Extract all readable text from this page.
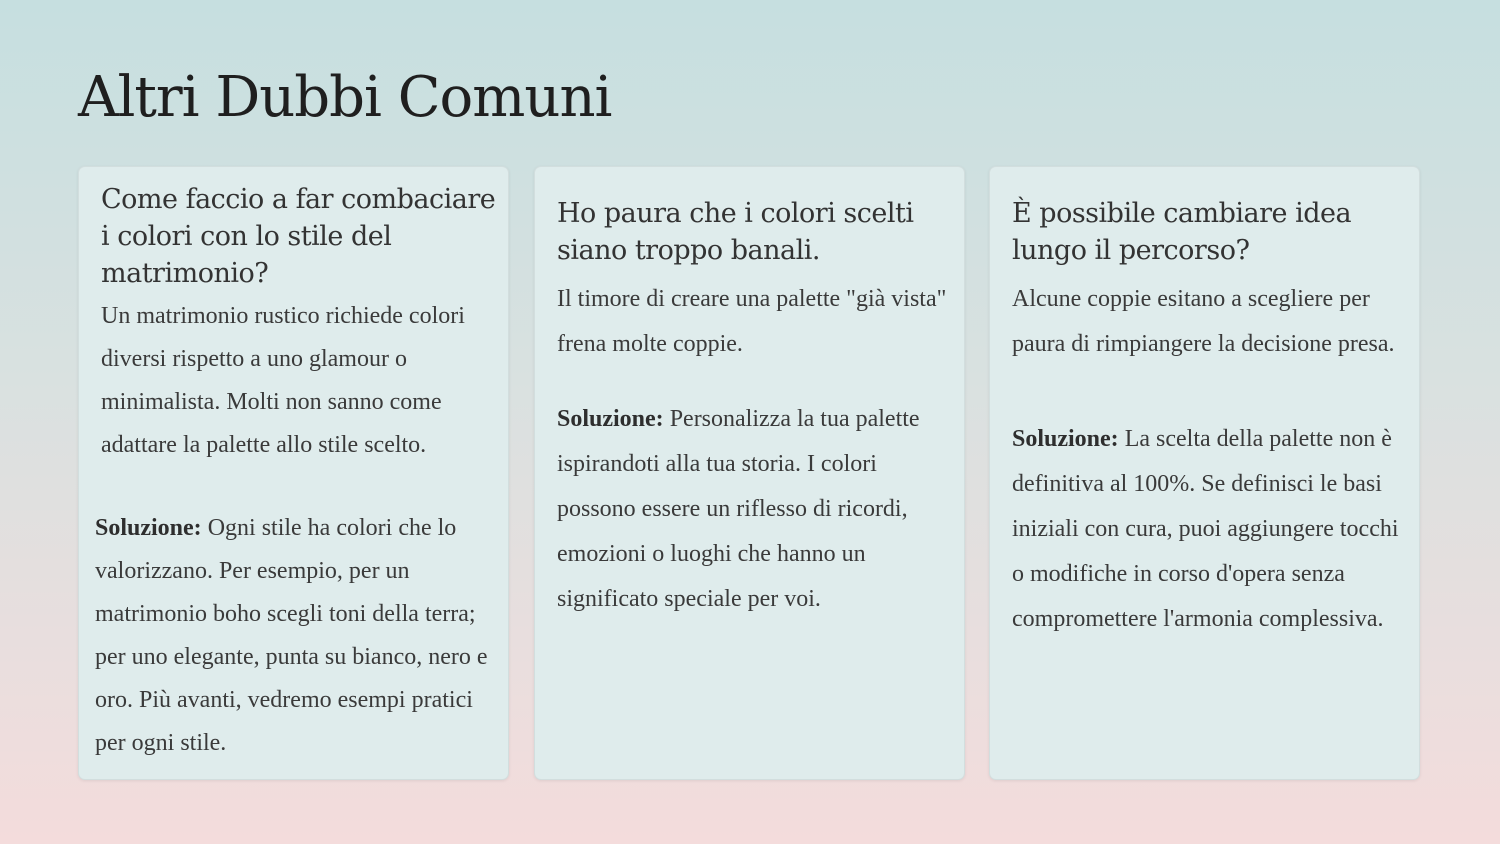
Altri Dubbi Comuni
Come faccio a far combaciare i colori con lo stile del matrimonio?

Un matrimonio rustico richiede colori diversi rispetto a uno glamour o minimalista. Molti non sanno come adattare la palette allo stile scelto.

Soluzione: Ogni stile ha colori che lo valorizzano. Per esempio, per un matrimonio boho scegli toni della terra; per uno elegante, punta su bianco, nero e oro. Più avanti, vedremo esempi pratici per ogni stile.

Ho paura che i colori scelti siano troppo banali.

Il timore di creare una palette "già vista" frena molte coppie.

Soluzione: Personalizza la tua palette ispirandoti alla tua storia. I colori possono essere un riflesso di ricordi, emozioni o luoghi che hanno un significato speciale per voi.

È possibile cambiare idea lungo il percorso?

Alcune coppie esitano a scegliere per paura di rimpiangere la decisione presa.

Soluzione: La scelta della palette non è definitiva al 100%. Se definisci le basi iniziali con cura, puoi aggiungere tocchi o modifiche in corso d'opera senza compromettere l'armonia complessiva.
